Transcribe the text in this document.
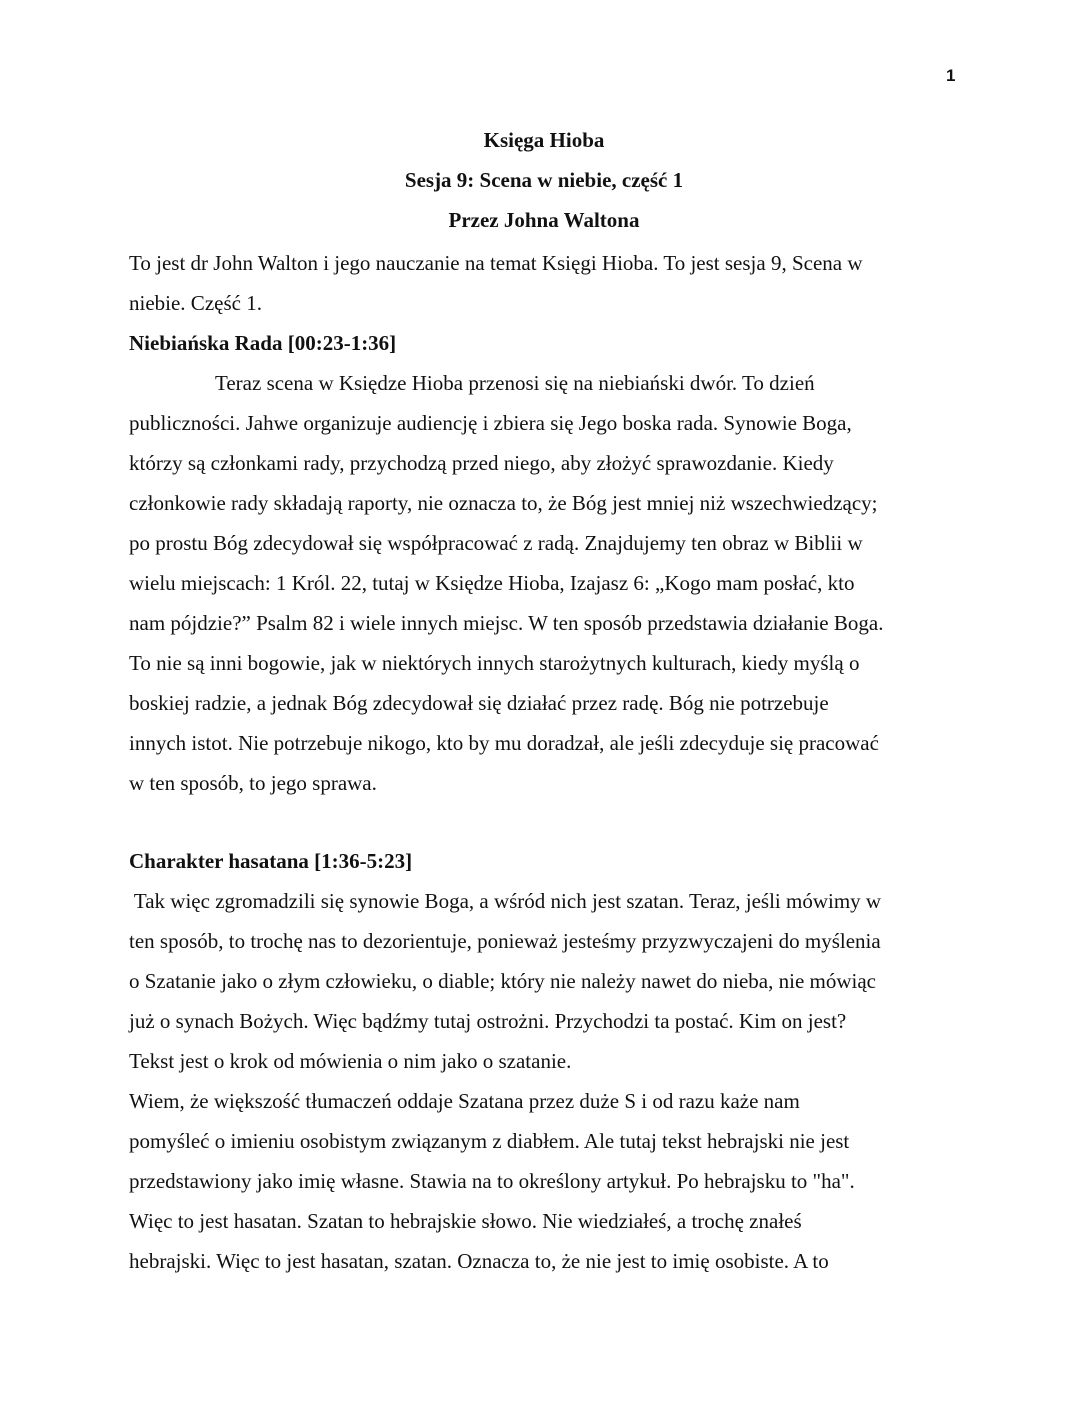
1
Księga Hioba
Sesja 9: Scena w niebie, część 1
Przez Johna Waltona

To jest dr John Walton i jego nauczanie na temat Księgi Hioba. To jest sesja 9, Scena w

niebie. Część 1.

Niebiańska Rada [00:23-1:36]

Teraz scena w Księdze Hioba przenosi się na niebiański dwór. To dzień

publiczności. Jahwe organizuje audiencję i zbiera się Jego boska rada. Synowie Boga,

którzy są członkami rady, przychodzą przed niego, aby złożyć sprawozdanie. Kiedy

członkowie rady składają raporty, nie oznacza to, że Bóg jest mniej niż wszechwiedzący;

po prostu Bóg zdecydował się współpracować z radą. Znajdujemy ten obraz w Biblii w

wielu miejscach: 1 Król. 22, tutaj w Księdze Hioba, Izajasz 6: „Kogo mam posłać, kto

nam pójdzie?” Psalm 82 i wiele innych miejsc. W ten sposób przedstawia działanie Boga.

To nie są inni bogowie, jak w niektórych innych starożytnych kulturach, kiedy myślą o

boskiej radzie, a jednak Bóg zdecydował się działać przez radę. Bóg nie potrzebuje

innych istot. Nie potrzebuje nikogo, kto by mu doradzał, ale jeśli zdecyduje się pracować

w ten sposób, to jego sprawa.

Charakter hasatana [1:36-5:23]

Tak więc zgromadzili się synowie Boga, a wśród nich jest szatan. Teraz, jeśli mówimy w

ten sposób, to trochę nas to dezorientuje, ponieważ jesteśmy przyzwyczajeni do myślenia

o Szatanie jako o złym człowieku, o diable; który nie należy nawet do nieba, nie mówiąc

już o synach Bożych. Więc bądźmy tutaj ostrożni. Przychodzi ta postać. Kim on jest?

Tekst jest o krok od mówienia o nim jako o szatanie.

Wiem, że większość tłumaczeń oddaje Szatana przez duże S i od razu każe nam

pomyśleć o imieniu osobistym związanym z diabłem. Ale tutaj tekst hebrajski nie jest

przedstawiony jako imię własne. Stawia na to określony artykuł. Po hebrajsku to "ha".

Więc to jest hasatan. Szatan to hebrajskie słowo. Nie wiedziałeś, a trochę znałeś

hebrajski. Więc to jest hasatan, szatan. Oznacza to, że nie jest to imię osobiste. A to
